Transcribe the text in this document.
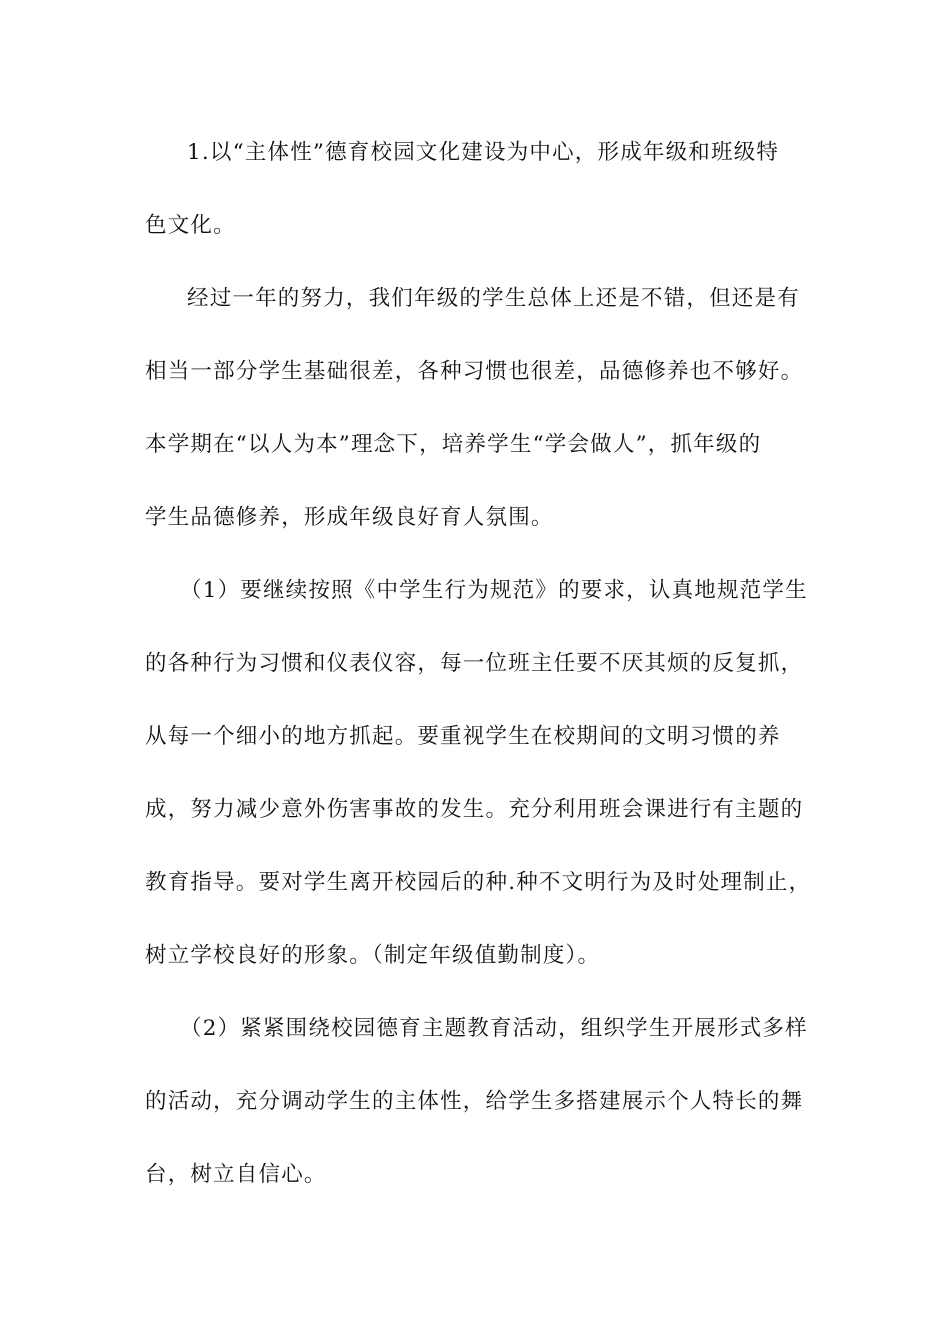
1.以“主体性”德育校园文化建设为中心，形成年级和班级特
色文化。
经过一年的努力，我们年级的学生总体上还是不错，但还是有
相当一部分学生基础很差，各种习惯也很差，品德修养也不够好。
本学期在“以人为本”理念下，培养学生“学会做人”，抓年级的
学生品德修养，形成年级良好育人氛围。
（1）要继续按照《中学生行为规范》的要求，认真地规范学生
的各种行为习惯和仪表仪容，每一位班主任要不厌其烦的反复抓，
从每一个细小的地方抓起。要重视学生在校期间的文明习惯的养
成，努力减少意外伤害事故的发生。充分利用班会课进行有主题的
教育指导。要对学生离开校园后的种.种不文明行为及时处理制止，
树立学校良好的形象。（制定年级值勤制度）。
（2）紧紧围绕校园德育主题教育活动，组织学生开展形式多样
的活动，充分调动学生的主体性，给学生多搭建展示个人特长的舞
台，树立自信心。
